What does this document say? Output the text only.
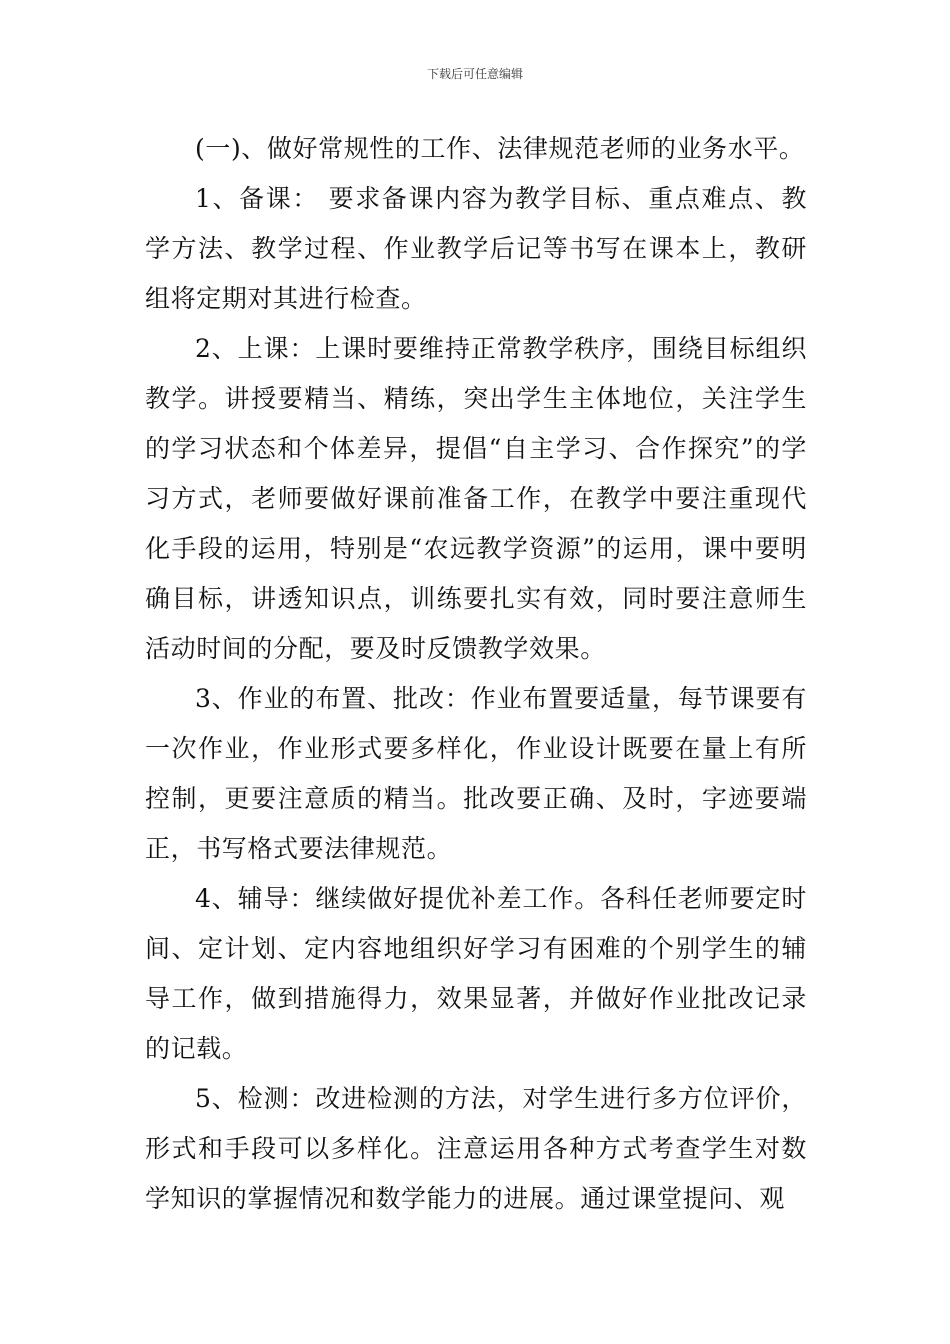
下载后可任意编辑

(一)、做好常规性的工作、法律规范老师的业务水平。

1、备课： 要求备课内容为教学目标、重点难点、教学方法、教学过程、作业教学后记等书写在课本上，教研组将定期对其进行检查。

2、上课：上课时要维持正常教学秩序，围绕目标组织教学。讲授要精当、精练，突出学生主体地位，关注学生的学习状态和个体差异，提倡“自主学习、合作探究”的学习方式，老师要做好课前准备工作，在教学中要注重现代化手段的运用，特别是“农远教学资源”的运用，课中要明确目标，讲透知识点，训练要扎实有效，同时要注意师生活动时间的分配，要及时反馈教学效果。

3、作业的布置、批改：作业布置要适量，每节课要有一次作业，作业形式要多样化，作业设计既要在量上有所控制，更要注意质的精当。批改要正确、及时，字迹要端正，书写格式要法律规范。

4、辅导：继续做好提优补差工作。各科任老师要定时间、定计划、定内容地组织好学习有困难的个别学生的辅导工作，做到措施得力，效果显著，并做好作业批改记录的记载。

5、检测：改进检测的方法，对学生进行多方位评价，形式和手段可以多样化。注意运用各种方式考查学生对数学知识的掌握情况和数学能力的进展。通过课堂提问、观
